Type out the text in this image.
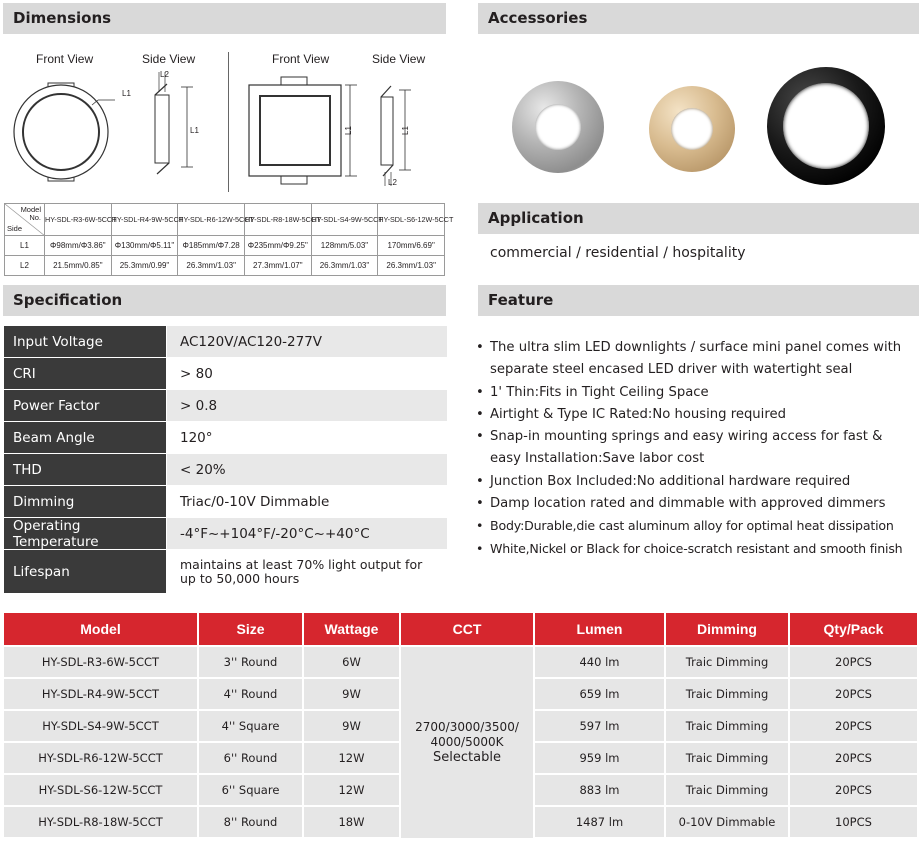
Dimensions	Accessories
Application
Specification	Feature
Front View	Side View	Front View	Side View
L1
L2
L1	L1	L1
L2
Model
No.
Side	HY-SDL-R3-6W-5CCT	HY-SDL-R4-9W-5CCT	HY-SDL-R6-12W-5CCT	HY-SDL-R8-18W-5CCT	HY-SDL-S4-9W-5CCT	HY-SDL-S6-12W-5CCT
L1	Φ98mm/Φ3.86"	Φ130mm/Φ5.11"	Φ185mm/Φ7.28	Φ235mm/Φ9.25"	128mm/5.03"	170mm/6.69"
L2	21.5mm/0.85"	25.3mm/0.99"	26.3mm/1.03"	27.3mm/1.07"	26.3mm/1.03"	26.3mm/1.03"
Input Voltage	AC120V/AC120-277V
CRI	> 80
Power Factor	> 0.8
Beam Angle	120°
THD	< 20%
Dimming	Triac/0-10V Dimmable
Operating Temperature	-4°F~+104°F/-20°C~+40°C
Lifespan	maintains at least 70% light output for up to 50,000 hours
commercial / residential / hospitality
• The ultra slim LED downlights / surface mini panel comes with separate steel encased LED driver with watertight seal
• 1' Thin:Fits in Tight Ceiling Space
• Airtight & Type IC Rated:No housing required
• Snap-in mounting springs and easy wiring access for fast & easy Installation:Save labor cost
• Junction Box Included:No additional hardware required
• Damp location rated and dimmable with approved dimmers
• Body:Durable,die cast aluminum alloy for optimal heat dissipation
• White,Nickel or Black for choice-scratch resistant and smooth finish
Model	Size	Wattage	CCT	Lumen	Dimming	Qty/Pack
2700/3000/3500/
4000/5000K
Selectable
HY-SDL-R3-6W-5CCT	3'' Round	6W	440 lm	Traic Dimming	20PCS
HY-SDL-R4-9W-5CCT	4'' Round	9W	659 lm	Traic Dimming	20PCS
HY-SDL-S4-9W-5CCT	4'' Square	9W	597 lm	Traic Dimming	20PCS
HY-SDL-R6-12W-5CCT	6'' Round	12W	959 lm	Traic Dimming	20PCS
HY-SDL-S6-12W-5CCT	6'' Square	12W	883 lm	Traic Dimming	20PCS
HY-SDL-R8-18W-5CCT	8'' Round	18W	1487 lm	0-10V Dimmable	10PCS
